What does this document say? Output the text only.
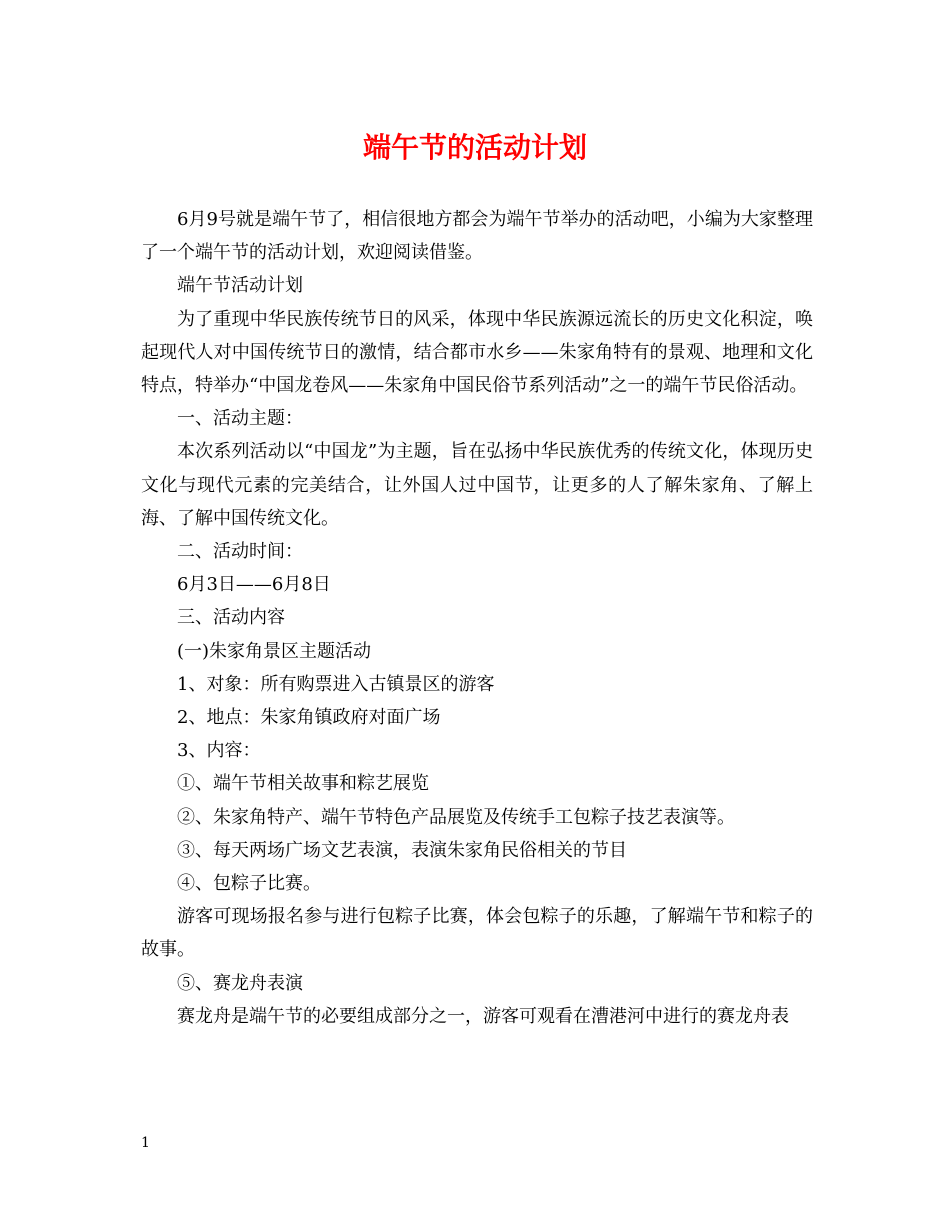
端午节的活动计划

6月9号就是端午节了，相信很地方都会为端午节举办的活动吧，小编为大家整理了一个端午节的活动计划，欢迎阅读借鉴。

端午节活动计划

为了重现中华民族传统节日的风采，体现中华民族源远流长的历史文化积淀，唤起现代人对中国传统节日的激情，结合都市水乡——朱家角特有的景观、地理和文化特点，特举办“中国龙卷风——朱家角中国民俗节系列活动”之一的端午节民俗活动。

一、活动主题：

本次系列活动以“中国龙”为主题，旨在弘扬中华民族优秀的传统文化，体现历史文化与现代元素的完美结合，让外国人过中国节，让更多的人了解朱家角、了解上海、了解中国传统文化。

二、活动时间：

6月3日——6月8日

三、活动内容

(一)朱家角景区主题活动

1、对象：所有购票进入古镇景区的游客

2、地点：朱家角镇政府对面广场

3、内容：

①、端午节相关故事和粽艺展览

②、朱家角特产、端午节特色产品展览及传统手工包粽子技艺表演等。

③、每天两场广场文艺表演，表演朱家角民俗相关的节目

④、包粽子比赛。

游客可现场报名参与进行包粽子比赛，体会包粽子的乐趣，了解端午节和粽子的故事。

⑤、赛龙舟表演

赛龙舟是端午节的必要组成部分之一，游客可观看在漕港河中进行的赛龙舟表

1
